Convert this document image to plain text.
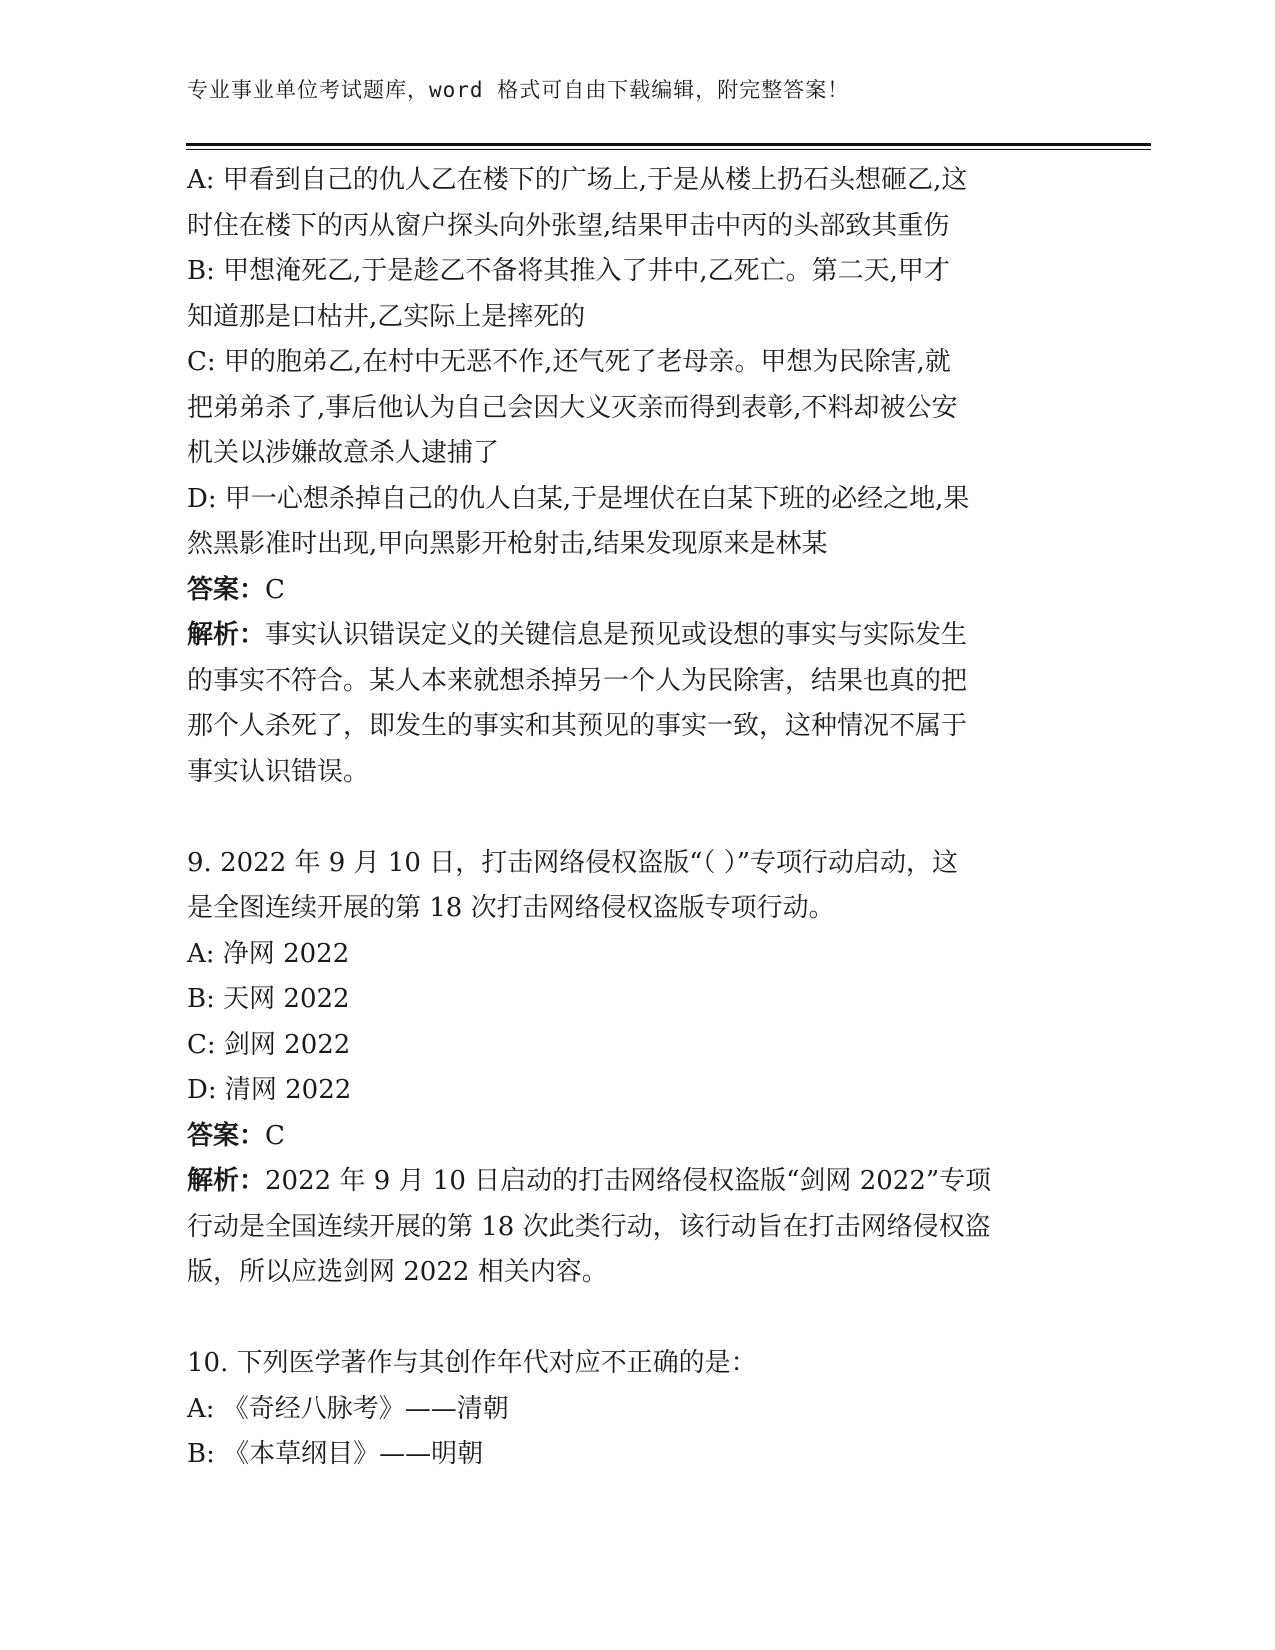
专业事业单位考试题库，word 格式可自由下载编辑，附完整答案！
A: 甲看到自己的仇人乙在楼下的广场上,于是从楼上扔石头想砸乙,这
时住在楼下的丙从窗户探头向外张望,结果甲击中丙的头部致其重伤
B: 甲想淹死乙,于是趁乙不备将其推入了井中,乙死亡。第二天,甲才
知道那是口枯井,乙实际上是摔死的
C: 甲的胞弟乙,在村中无恶不作,还气死了老母亲。甲想为民除害,就
把弟弟杀了,事后他认为自己会因大义灭亲而得到表彰,不料却被公安
机关以涉嫌故意杀人逮捕了
D: 甲一心想杀掉自己的仇人白某,于是埋伏在白某下班的必经之地,果
然黑影准时出现,甲向黑影开枪射击,结果发现原来是林某
答案：C
解析：事实认识错误定义的关键信息是预见或设想的事实与实际发生
的事实不符合。某人本来就想杀掉另一个人为民除害，结果也真的把
那个人杀死了，即发生的事实和其预见的事实一致，这种情况不属于
事实认识错误。
9. 2022 年 9 月 10 日，打击网络侵权盗版“（ ）”专项行动启动，这
是全图连续开展的第 18 次打击网络侵权盗版专项行动。
A: 净网 2022
B: 天网 2022
C: 剑网 2022
D: 清网 2022
答案：C
解析：2022 年 9 月 10 日启动的打击网络侵权盗版“剑网 2022”专项
行动是全国连续开展的第 18 次此类行动，该行动旨在打击网络侵权盗
版，所以应选剑网 2022 相关内容。
10. 下列医学著作与其创作年代对应不正确的是：
A: 《奇经八脉考》——清朝
B: 《本草纲目》——明朝
